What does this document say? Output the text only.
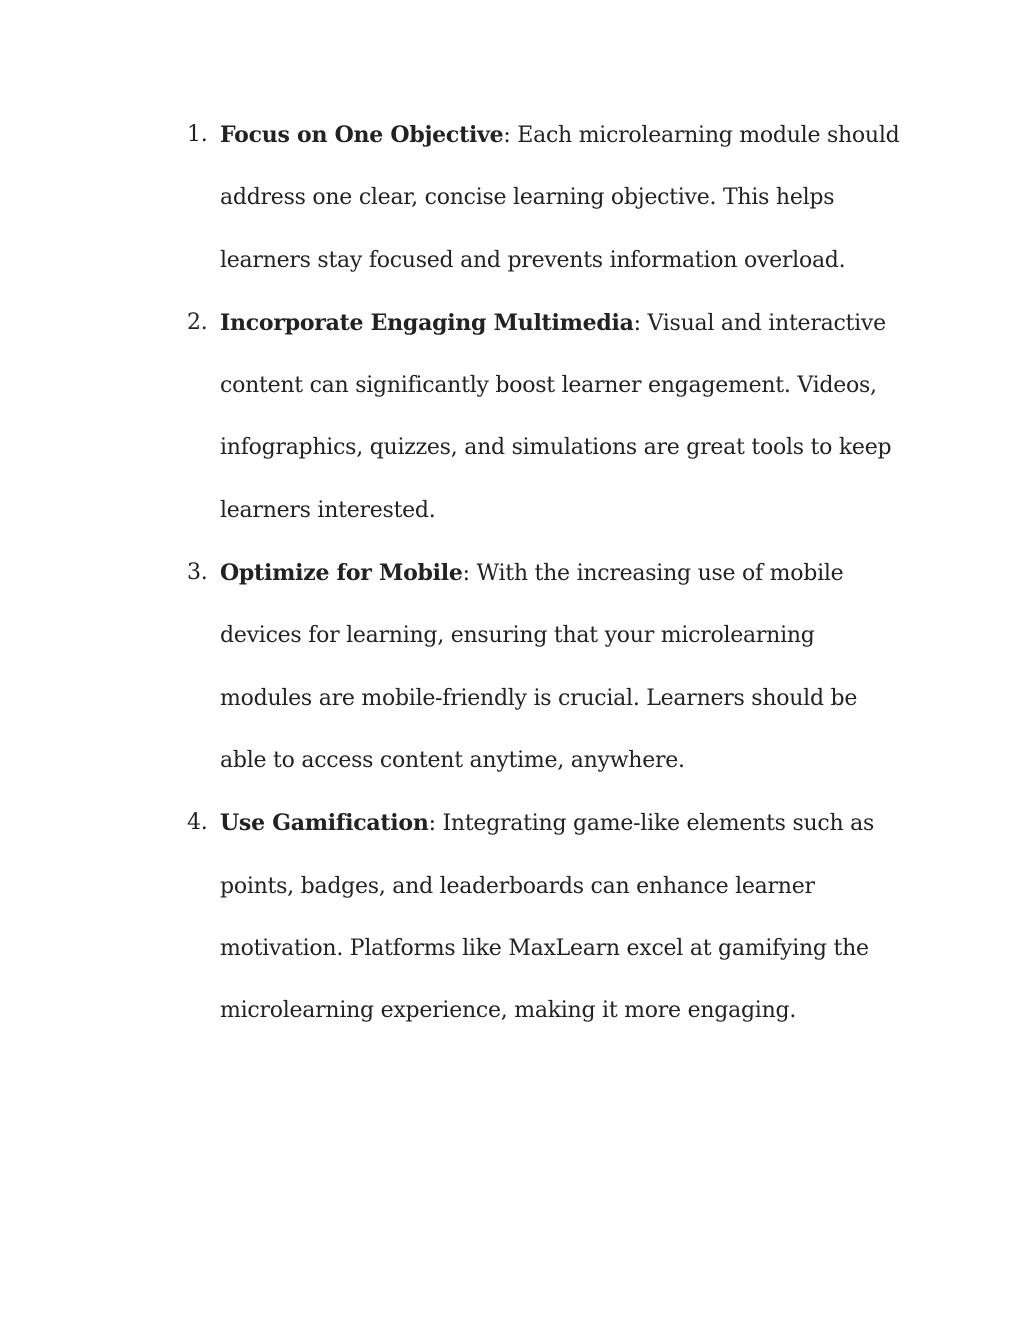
1. Focus on One Objective: Each microlearning module should address one clear, concise learning objective. This helps learners stay focused and prevents information overload.
2. Incorporate Engaging Multimedia: Visual and interactive content can significantly boost learner engagement. Videos, infographics, quizzes, and simulations are great tools to keep learners interested.
3. Optimize for Mobile: With the increasing use of mobile devices for learning, ensuring that your microlearning modules are mobile-friendly is crucial. Learners should be able to access content anytime, anywhere.
4. Use Gamification: Integrating game-like elements such as points, badges, and leaderboards can enhance learner motivation. Platforms like MaxLearn excel at gamifying the microlearning experience, making it more engaging.
